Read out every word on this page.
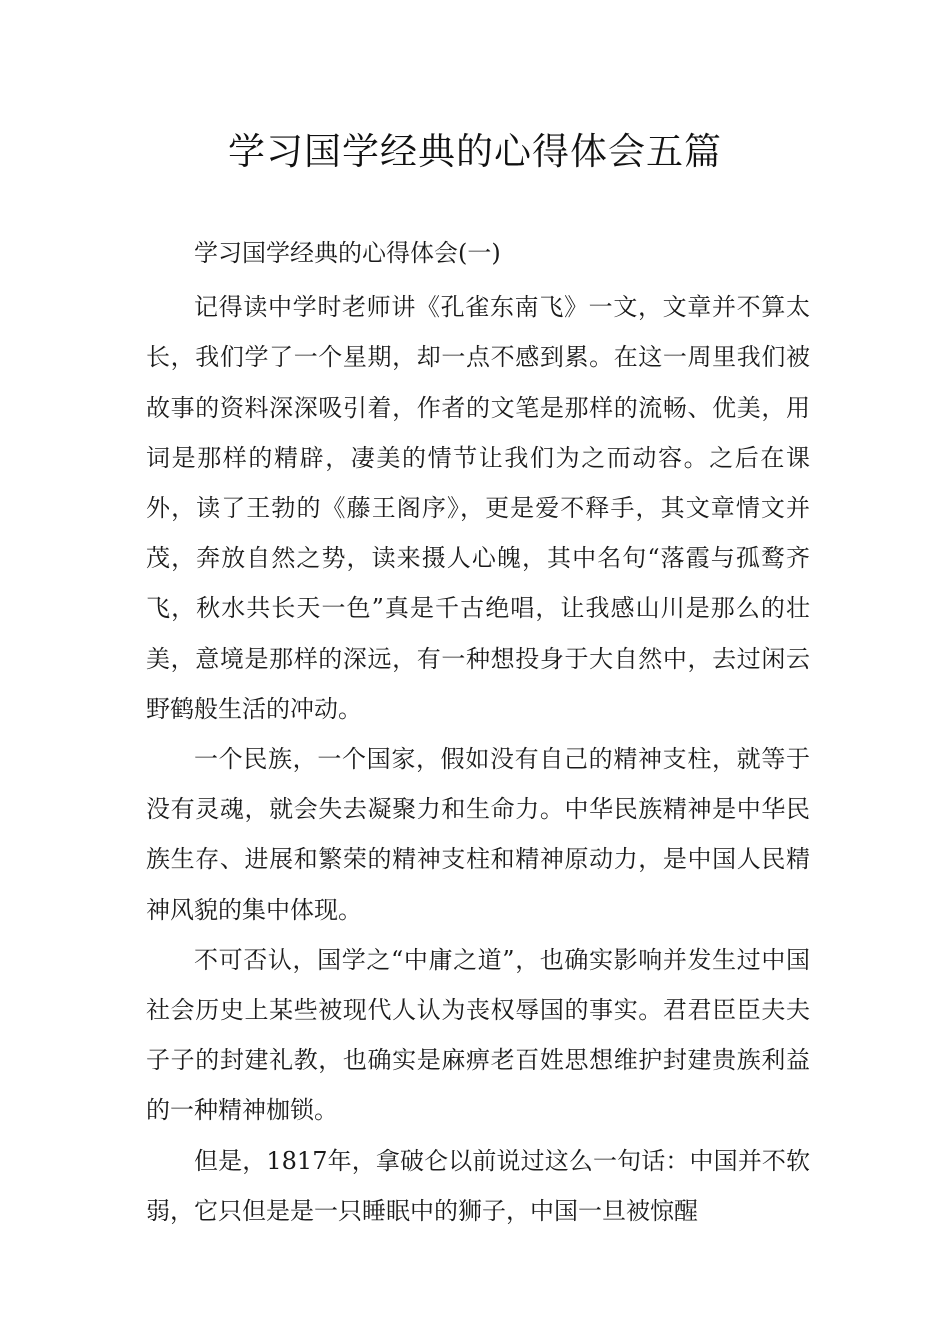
学习国学经典的心得体会五篇
学习国学经典的心得体会(一)

记得读中学时老师讲《孔雀东南飞》一文，文章并不算太长，我们学了一个星期，却一点不感到累。在这一周里我们被故事的资料深深吸引着，作者的文笔是那样的流畅、优美，用词是那样的精辟，凄美的情节让我们为之而动容。之后在课外，读了王勃的《藤王阁序》，更是爱不释手，其文章情文并茂，奔放自然之势，读来摄人心魄，其中名句“落霞与孤鹜齐飞，秋水共长天一色”真是千古绝唱，让我感山川是那么的壮美，意境是那样的深远，有一种想投身于大自然中，去过闲云野鹤般生活的冲动。

一个民族，一个国家，假如没有自己的精神支柱，就等于没有灵魂，就会失去凝聚力和生命力。中华民族精神是中华民族生存、进展和繁荣的精神支柱和精神原动力，是中国人民精神风貌的集中体现。

不可否认，国学之“中庸之道”，也确实影响并发生过中国社会历史上某些被现代人认为丧权辱国的事实。君君臣臣夫夫子子的封建礼教，也确实是麻痹老百姓思想维护封建贵族利益的一种精神枷锁。

但是，1817年，拿破仑以前说过这么一句话：中国并不软弱，它只但是是一只睡眠中的狮子，中国一旦被惊醒
